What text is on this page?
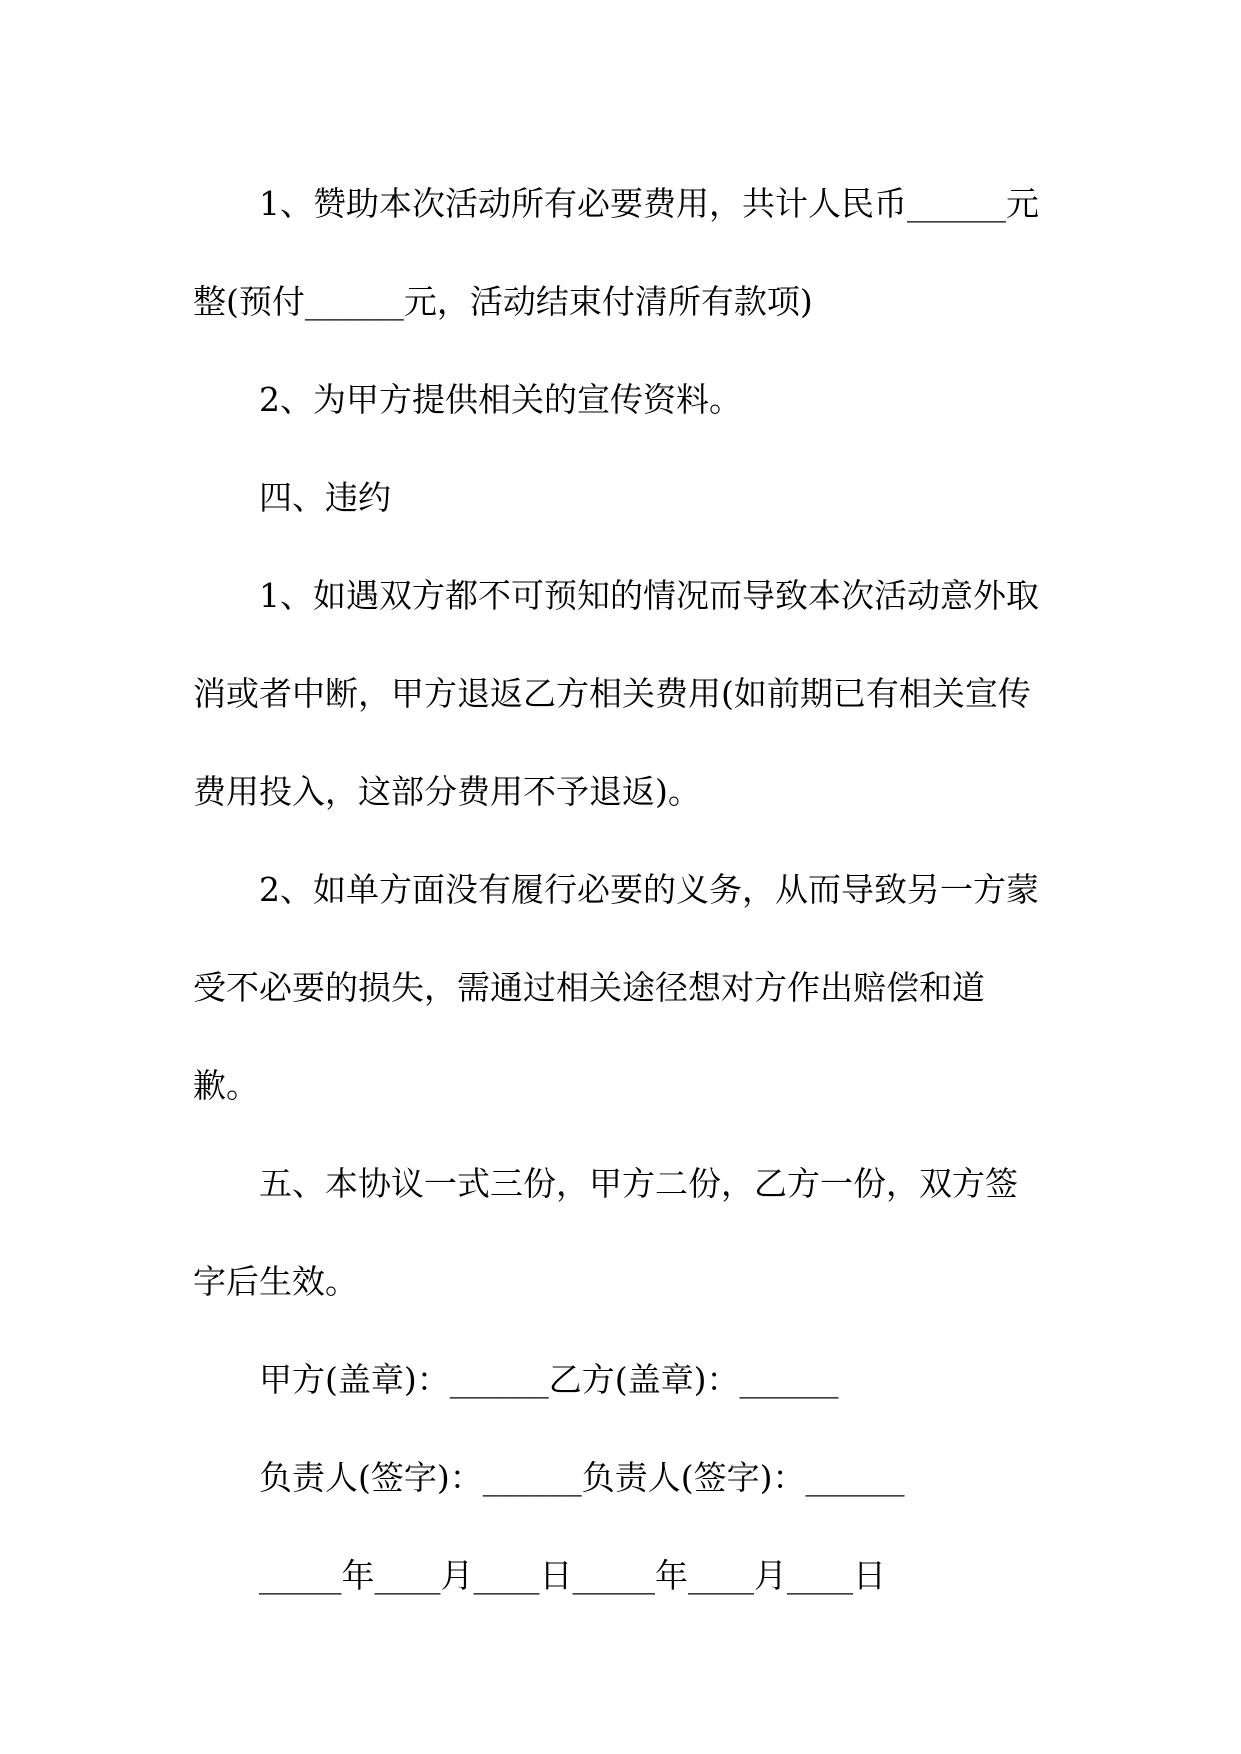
1、赞助本次活动所有必要费用，共计人民币______元
整(预付______元，活动结束付清所有款项)
2、为甲方提供相关的宣传资料。
四、违约
1、如遇双方都不可预知的情况而导致本次活动意外取
消或者中断，甲方退返乙方相关费用(如前期已有相关宣传
费用投入，这部分费用不予退返)。
2、如单方面没有履行必要的义务，从而导致另一方蒙
受不必要的损失，需通过相关途径想对方作出赔偿和道
歉。
五、本协议一式三份，甲方二份，乙方一份，双方签
字后生效。
甲方(盖章)：______乙方(盖章)：______
负责人(签字)：______负责人(签字)：______
_____年____月____日_____年____月____日
